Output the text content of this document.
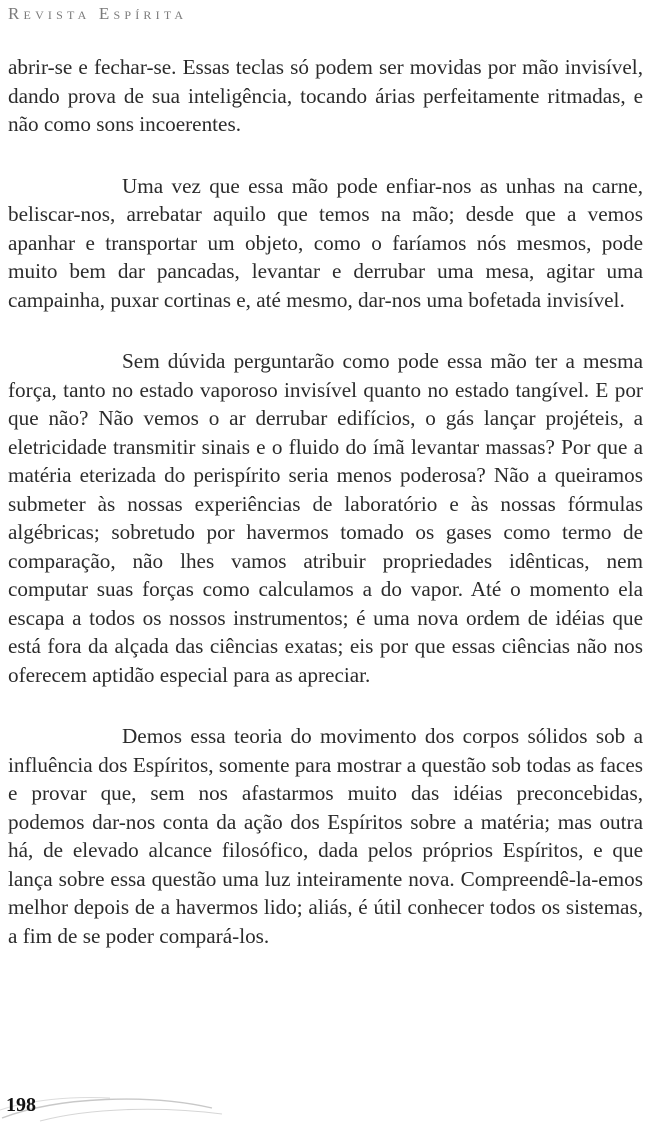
Revista Espírita

abrir-se e fechar-se. Essas teclas só podem ser movidas por mão invisível, dando prova de sua inteligência, tocando árias perfeitamente ritmadas, e não como sons incoerentes.

Uma vez que essa mão pode enfiar-nos as unhas na carne, beliscar-nos, arrebatar aquilo que temos na mão; desde que a vemos apanhar e transportar um objeto, como o faríamos nós mesmos, pode muito bem dar pancadas, levantar e derrubar uma mesa, agitar uma campainha, puxar cortinas e, até mesmo, dar-nos uma bofetada invisível.

Sem dúvida perguntarão como pode essa mão ter a mesma força, tanto no estado vaporoso invisível quanto no estado tangível. E por que não? Não vemos o ar derrubar edifícios, o gás lançar projéteis, a eletricidade transmitir sinais e o fluido do ímã levantar massas? Por que a matéria eterizada do perispírito seria menos poderosa? Não a queiramos submeter às nossas experiências de laboratório e às nossas fórmulas algébricas; sobretudo por havermos tomado os gases como termo de comparação, não lhes vamos atribuir propriedades idênticas, nem computar suas forças como calculamos a do vapor. Até o momento ela escapa a todos os nossos instrumentos; é uma nova ordem de idéias que está fora da alçada das ciências exatas; eis por que essas ciências não nos oferecem aptidão especial para as apreciar.

Demos essa teoria do movimento dos corpos sólidos sob a influência dos Espíritos, somente para mostrar a questão sob todas as faces e provar que, sem nos afastarmos muito das idéias preconcebidas, podemos dar-nos conta da ação dos Espíritos sobre a matéria; mas outra há, de elevado alcance filosófico, dada pelos próprios Espíritos, e que lança sobre essa questão uma luz inteiramente nova. Compreendê-la-emos melhor depois de a havermos lido; aliás, é útil conhecer todos os sistemas, a fim de se poder compará-los.

198
